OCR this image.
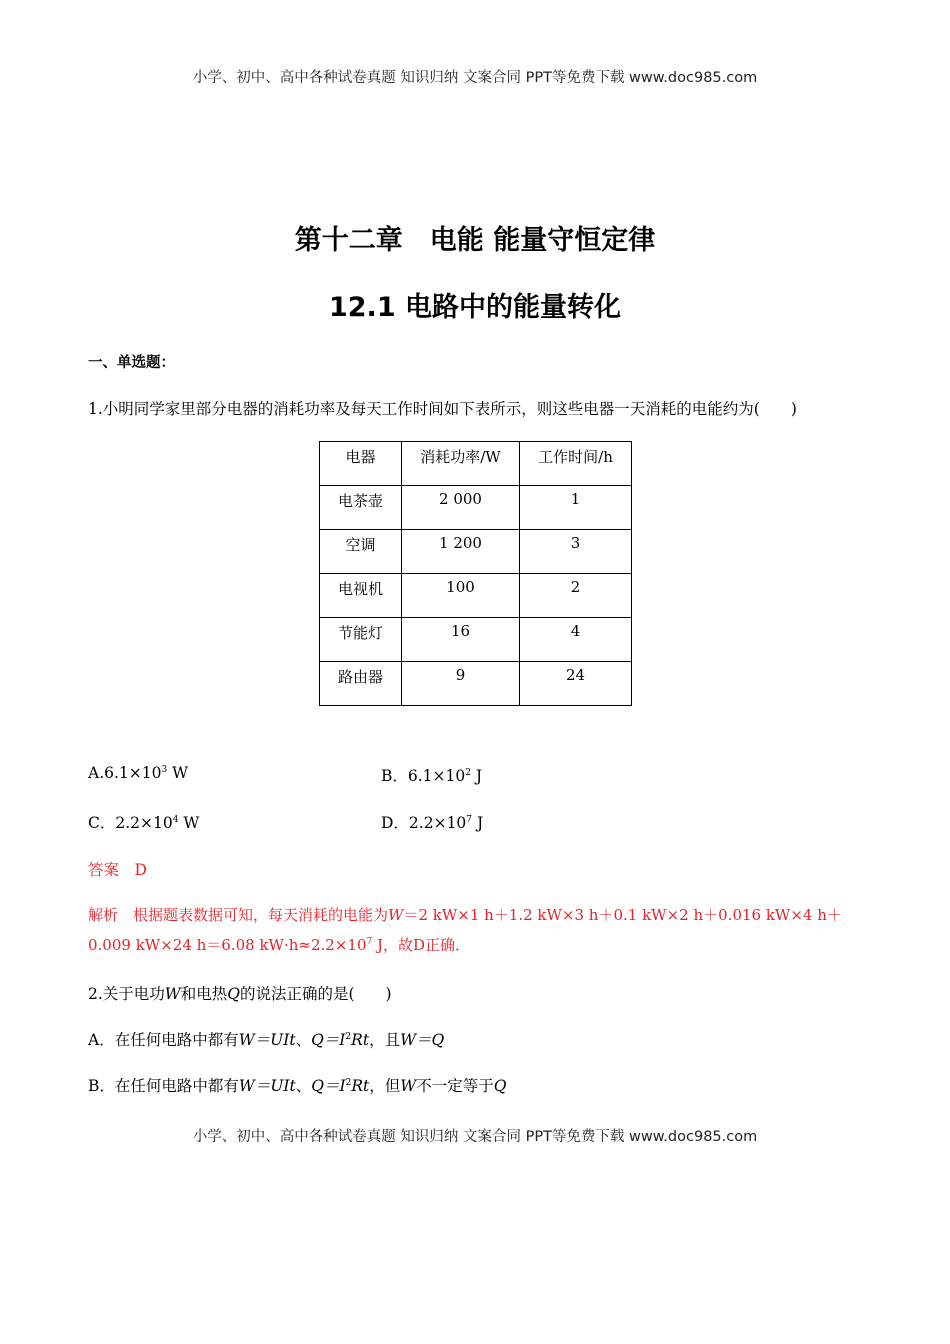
小学、初中、高中各种试卷真题 知识归纳 文案合同 PPT等免费下载 www.doc985.com
第十二章　电能 能量守恒定律
12.1 电路中的能量转化
一、单选题：
1.小明同学家里部分电器的消耗功率及每天工作时间如下表所示，则这些电器一天消耗的电能约为(　　)
电器	消耗功率/W	工作时间/h
电茶壶	2 000	1
空调	1 200	3
电视机	100	2
节能灯	16	4
路由器	9	24
$A.6.1\times 10^3$ W	B．$6.1\times 10^2$ J
C．$2.2\times 10^4$ W	D．$2.2\times 10^7$ J
答案　D
解析　根据题表数据可知，每天消耗的电能为W＝2 kW×1 h＋1.2 kW×3 h＋0.1 kW×2 h＋0.016 kW×4 h＋
0.009 kW×24 h＝6.08 $kW\cdot h\approx 2.2\times 10^7$ J，故D正确．
2.关于电功W和电热Q的说法正确的是(　　)
A．在任何电路中都有W＝UIt、$Q=I^2Rt$，且W＝Q
B．在任何电路中都有W＝UIt、$Q=I^2Rt$，但W不一定等于Q
小学、初中、高中各种试卷真题 知识归纳 文案合同 PPT等免费下载 www.doc985.com
